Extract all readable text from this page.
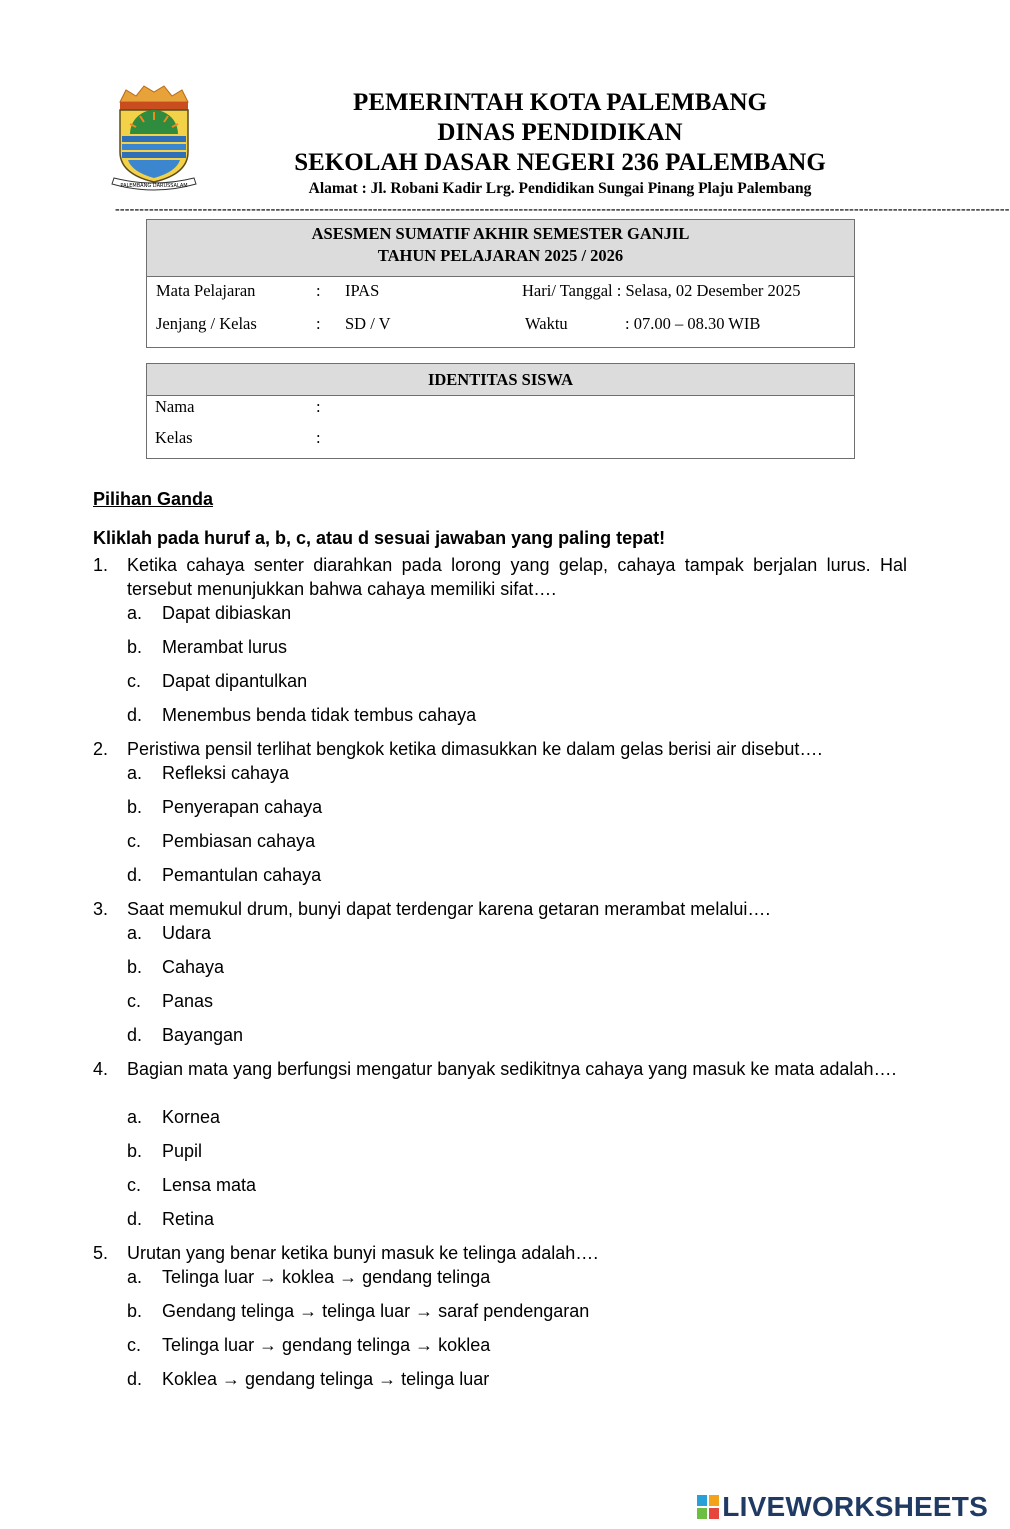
PALEMBANG DARUSSALAM
PEMERINTAH KOTA PALEMBANG
DINAS PENDIDIKAN
SEKOLAH DASAR NEGERI 236 PALEMBANG
Alamat : Jl. Robani Kadir Lrg. Pendidikan Sungai Pinang Plaju Palembang
----------------------------------------------------------------------------------------------------------------------------------------------------------------------------------------
ASESMEN SUMATIF AKHIR SEMESTER GANJIL
TAHUN PELAJARAN 2025 / 2026
Mata Pelajaran	: IPAS	Hari/ Tanggal : Selasa, 02 Desember 2025
Jenjang / Kelas	: SD / V	Waktu	: 07.00 – 08.30 WIB
IDENTITAS SISWA
Nama	:
Kelas	:
Pilihan Ganda
Kliklah pada huruf a, b, c, atau d sesuai jawaban yang paling tepat!
1. Ketika cahaya senter diarahkan pada lorong yang gelap, cahaya tampak berjalan lurus. Hal tersebut menunjukkan bahwa cahaya memiliki sifat….
a. Dapat dibiaskan
b. Merambat lurus
c. Dapat dipantulkan
d. Menembus benda tidak tembus cahaya
2. Peristiwa pensil terlihat bengkok ketika dimasukkan ke dalam gelas berisi air disebut….
a. Refleksi cahaya
b. Penyerapan cahaya
c. Pembiasan cahaya
d. Pemantulan cahaya
3. Saat memukul drum, bunyi dapat terdengar karena getaran merambat melalui….
a. Udara
b. Cahaya
c. Panas
d. Bayangan
4. Bagian mata yang berfungsi mengatur banyak sedikitnya cahaya yang masuk ke mata adalah….
a. Kornea
b. Pupil
c. Lensa mata
d. Retina
5. Urutan yang benar ketika bunyi masuk ke telinga adalah….
a. Telinga luar → koklea → gendang telinga
b. Gendang telinga → telinga luar → saraf pendengaran
c. Telinga luar → gendang telinga → koklea
d. Koklea → gendang telinga → telinga luar
LIVEWORKSHEETS
